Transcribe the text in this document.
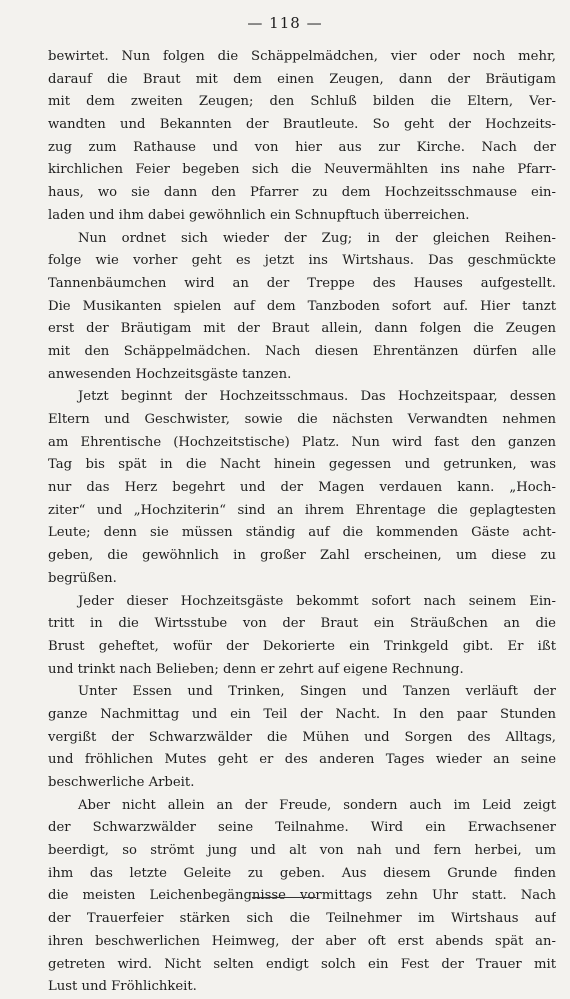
— 118 —
bewirtet. Nun folgen die Schäppelmädchen, vier oder noch mehr,
darauf die Braut mit dem einen Zeugen, dann der Bräutigam
mit dem zweiten Zeugen; den Schluß bilden die Eltern, Ver-
wandten und Bekannten der Brautleute. So geht der Hochzeits-
zug zum Rathause und von hier aus zur Kirche. Nach der
kirchlichen Feier begeben sich die Neuvermählten ins nahe Pfarr-
haus, wo sie dann den Pfarrer zu dem Hochzeitsschmause ein-
laden und ihm dabei gewöhnlich ein Schnupftuch überreichen.
Nun ordnet sich wieder der Zug; in der gleichen Reihen-
folge wie vorher geht es jetzt ins Wirtshaus. Das geschmückte
Tannenbäumchen wird an der Treppe des Hauses aufgestellt.
Die Musikanten spielen auf dem Tanzboden sofort auf. Hier tanzt
erst der Bräutigam mit der Braut allein, dann folgen die Zeugen
mit den Schäppelmädchen. Nach diesen Ehrentänzen dürfen alle
anwesenden Hochzeitsgäste tanzen.
Jetzt beginnt der Hochzeitsschmaus. Das Hochzeitspaar, dessen
Eltern und Geschwister, sowie die nächsten Verwandten nehmen
am Ehrentische (Hochzeitstische) Platz. Nun wird fast den ganzen
Tag bis spät in die Nacht hinein gegessen und getrunken, was
nur das Herz begehrt und der Magen verdauen kann. „Hoch-
ziter“ und „Hochziterin“ sind an ihrem Ehrentage die geplagtesten
Leute; denn sie müssen ständig auf die kommenden Gäste acht-
geben, die gewöhnlich in großer Zahl erscheinen, um diese zu
begrüßen.
Jeder dieser Hochzeitsgäste bekommt sofort nach seinem Ein-
tritt in die Wirtsstube von der Braut ein Sträußchen an die
Brust geheftet, wofür der Dekorierte ein Trinkgeld gibt. Er ißt
und trinkt nach Belieben; denn er zehrt auf eigene Rechnung.
Unter Essen und Trinken, Singen und Tanzen verläuft der
ganze Nachmittag und ein Teil der Nacht. In den paar Stunden
vergißt der Schwarzwälder die Mühen und Sorgen des Alltags,
und fröhlichen Mutes geht er des anderen Tages wieder an seine
beschwerliche Arbeit.
Aber nicht allein an der Freude, sondern auch im Leid zeigt
der Schwarzwälder seine Teilnahme. Wird ein Erwachsener
beerdigt, so strömt jung und alt von nah und fern herbei, um
ihm das letzte Geleite zu geben. Aus diesem Grunde finden
die meisten Leichenbegängnisse vormittags zehn Uhr statt. Nach
der Trauerfeier stärken sich die Teilnehmer im Wirtshaus auf
ihren beschwerlichen Heimweg, der aber oft erst abends spät an-
getreten wird. Nicht selten endigt solch ein Fest der Trauer mit
Lust und Fröhlichkeit.
